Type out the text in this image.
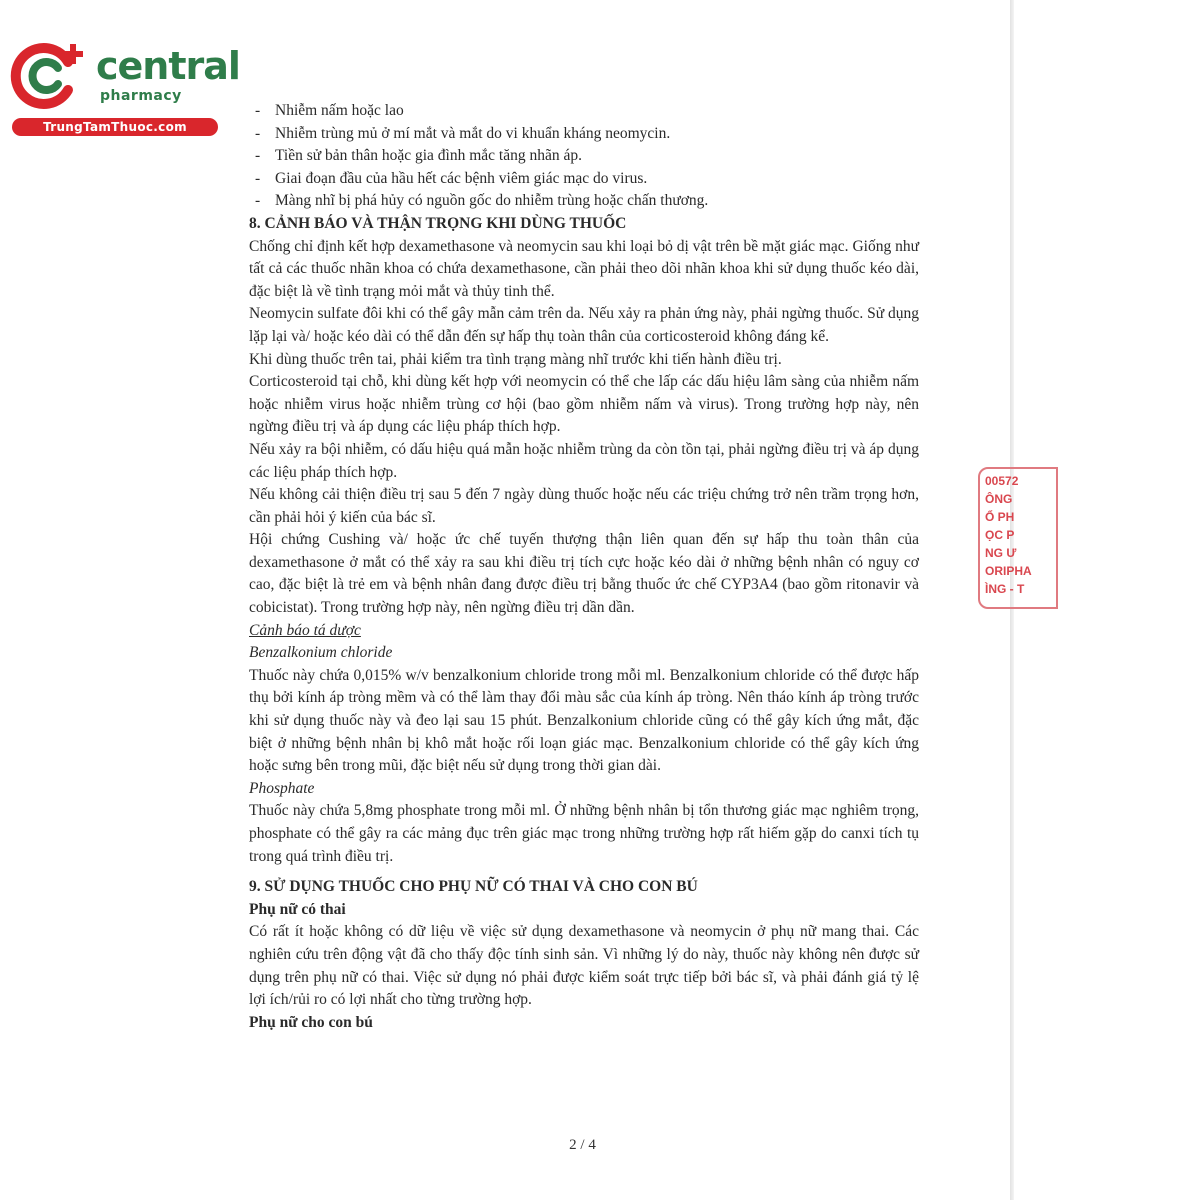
central
pharmacy
TrungTamThuoc.com
00572
ÔNG
Ổ PH
ỌC P
NG Ư
ORIPHA
ÌNG - T

- Nhiễm nấm hoặc lao

- Nhiễm trùng mủ ở mí mắt và mắt do vi khuẩn kháng neomycin.

- Tiền sử bản thân hoặc gia đình mắc tăng nhãn áp.

- Giai đoạn đầu của hầu hết các bệnh viêm giác mạc do virus.

- Màng nhĩ bị phá hủy có nguồn gốc do nhiễm trùng hoặc chấn thương.

8. CẢNH BÁO VÀ THẬN TRỌNG KHI DÙNG THUỐC

Chống chỉ định kết hợp dexamethasone và neomycin sau khi loại bỏ dị vật trên bề mặt giác mạc. Giống như tất cả các thuốc nhãn khoa có chứa dexamethasone, cần phải theo dõi nhãn khoa khi sử dụng thuốc kéo dài, đặc biệt là về tình trạng mỏi mắt và thủy tinh thể.

Neomycin sulfate đôi khi có thể gây mẫn cảm trên da. Nếu xảy ra phản ứng này, phải ngừng thuốc. Sử dụng lặp lại và/ hoặc kéo dài có thể dẫn đến sự hấp thụ toàn thân của corticosteroid không đáng kể.

Khi dùng thuốc trên tai, phải kiểm tra tình trạng màng nhĩ trước khi tiến hành điều trị.

Corticosteroid tại chỗ, khi dùng kết hợp với neomycin có thể che lấp các dấu hiệu lâm sàng của nhiễm nấm hoặc nhiễm virus hoặc nhiễm trùng cơ hội (bao gồm nhiễm nấm và virus). Trong trường hợp này, nên ngừng điều trị và áp dụng các liệu pháp thích hợp.

Nếu xảy ra bội nhiễm, có dấu hiệu quá mẫn hoặc nhiễm trùng da còn tồn tại, phải ngừng điều trị và áp dụng các liệu pháp thích hợp.

Nếu không cải thiện điều trị sau 5 đến 7 ngày dùng thuốc hoặc nếu các triệu chứng trở nên trầm trọng hơn, cần phải hỏi ý kiến của bác sĩ.

Hội chứng Cushing và/ hoặc ức chế tuyến thượng thận liên quan đến sự hấp thu toàn thân của dexamethasone ở mắt có thể xảy ra sau khi điều trị tích cực hoặc kéo dài ở những bệnh nhân có nguy cơ cao, đặc biệt là trẻ em và bệnh nhân đang được điều trị bằng thuốc ức chế CYP3A4 (bao gồm ritonavir và cobicistat). Trong trường hợp này, nên ngừng điều trị dần dần.

Cảnh báo tá dược

Benzalkonium chloride

Thuốc này chứa 0,015% w/v benzalkonium chloride trong mỗi ml. Benzalkonium chloride có thể được hấp thụ bởi kính áp tròng mềm và có thể làm thay đổi màu sắc của kính áp tròng. Nên tháo kính áp tròng trước khi sử dụng thuốc này và đeo lại sau 15 phút. Benzalkonium chloride cũng có thể gây kích ứng mắt, đặc biệt ở những bệnh nhân bị khô mắt hoặc rối loạn giác mạc. Benzalkonium chloride có thể gây kích ứng hoặc sưng bên trong mũi, đặc biệt nếu sử dụng trong thời gian dài.

Phosphate

Thuốc này chứa 5,8mg phosphate trong mỗi ml. Ở những bệnh nhân bị tổn thương giác mạc nghiêm trọng, phosphate có thể gây ra các mảng đục trên giác mạc trong những trường hợp rất hiếm gặp do canxi tích tụ trong quá trình điều trị.

9. SỬ DỤNG THUỐC CHO PHỤ NỮ CÓ THAI VÀ CHO CON BÚ

Phụ nữ có thai

Có rất ít hoặc không có dữ liệu về việc sử dụng dexamethasone và neomycin ở phụ nữ mang thai. Các nghiên cứu trên động vật đã cho thấy độc tính sinh sản. Vì những lý do này, thuốc này không nên được sử dụng trên phụ nữ có thai. Việc sử dụng nó phải được kiểm soát trực tiếp bởi bác sĩ, và phải đánh giá tỷ lệ lợi ích/rủi ro có lợi nhất cho từng trường hợp.

Phụ nữ cho con bú

2 / 4
